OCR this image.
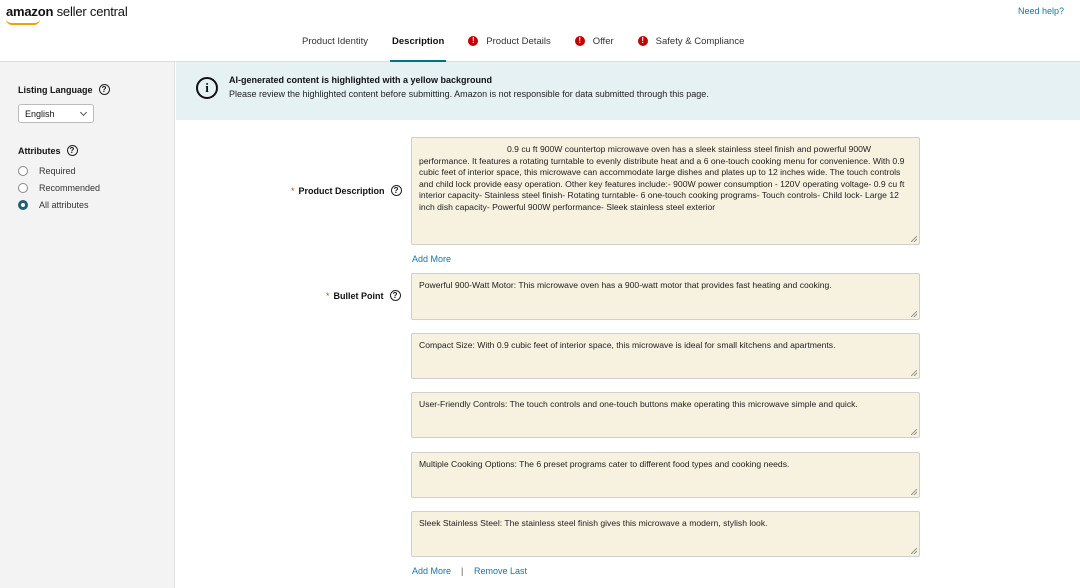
amazon seller central	Need help?
Product Identity	Description	!	Product Details	!	Offer	!	Safety & Compliance
Listing Language	?
English
Attributes	?
Required
Recommended
All attributes
i	AI-generated content is highlighted with a yellow background
Please review the highlighted content before submitting. Amazon is not responsible for data submitted through this page.
* Product Description	?
0.9 cu ft 900W countertop microwave oven has a sleek stainless steel finish and powerful 900W performance. It features a rotating turntable to evenly distribute heat and a 6 one-touch cooking menu for convenience. With 0.9 cubic feet of interior space, this microwave can accommodate large dishes and plates up to 12 inches wide. The touch controls and child lock provide easy operation. Other key features include:- 900W power consumption - 120V operating voltage- 0.9 cu ft interior capacity- Stainless steel finish- Rotating turntable- 6 one-touch cooking programs- Touch controls- Child lock- Large 12 inch dish capacity- Powerful 900W performance- Sleek stainless steel exterior
Add More
* Bullet Point	?
Powerful 900-Watt Motor: This microwave oven has a 900-watt motor that provides fast heating and cooking.
Compact Size: With 0.9 cubic feet of interior space, this microwave is ideal for small kitchens and apartments.
User-Friendly Controls: The touch controls and one-touch buttons make operating this microwave simple and quick.
Multiple Cooking Options: The 6 preset programs cater to different food types and cooking needs.
Sleek Stainless Steel: The stainless steel finish gives this microwave a modern, stylish look.
Add More | Remove Last
